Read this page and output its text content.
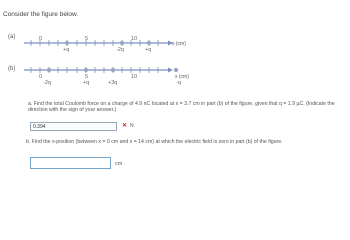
Consider the figure below.
(a)	0	5	10
+q	-2q	+q
x (cm)
(b)
0	5	10
-2q	+q	+3q	-q
x (cm)
a. Find the total Coulomb force on a charge of 4.9 nC located at x = 3.7 cm in part (b) of the figure, given that q = 1.9 µC. (Indicate the direction with the sign of your answer.)
0.394	✕ N
b. Find the x-position (between x = 0 cm and x = 14 cm) at which the electric field is zero in part (b) of the figure.
cm
